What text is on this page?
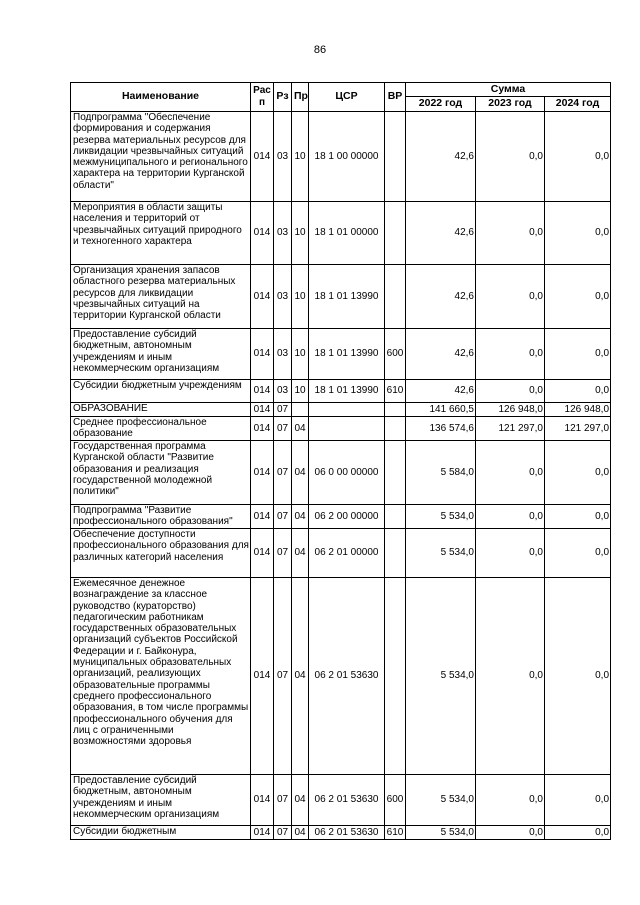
86
Наименование	Рас п	Рз	Пр	ЦСР	ВР	Сумма		
						2022 год	2023 год	2024 год
Подпрограмма "Обеспечение формирования и содержания резерва материальных ресурсов для ликвидации чрезвычайных ситуаций межмуниципального и регионального характера на территории Курганской области"	014	03	10	18 1 00 00000		42,6	0,0	0,0
Мероприятия в области защиты населения и территорий от чрезвычайных ситуаций природного и техногенного характера	014	03	10	18 1 01 00000		42,6	0,0	0,0
Организация хранения запасов областного резерва материальных ресурсов для ликвидации чрезвычайных ситуаций на территории Курганской области	014	03	10	18 1 01 13990		42,6	0,0	0,0
Предоставление субсидий бюджетным, автономным учреждениям и иным некоммерческим организациям	014	03	10	18 1 01 13990	600	42,6	0,0	0,0
Субсидии бюджетным учреждениям	014	03	10	18 1 01 13990	610	42,6	0,0	0,0
ОБРАЗОВАНИЕ	014	07				141 660,5	126 948,0	126 948,0
Среднее профессиональное образование	014	07	04			136 574,6	121 297,0	121 297,0
Государственная программа Курганской области "Развитие образования и реализация государственной молодежной политики"	014	07	04	06 0 00 00000		5 584,0	0,0	0,0
Подпрограмма "Развитие профессионального образования"	014	07	04	06 2 00 00000		5 534,0	0,0	0,0
Обеспечение доступности профессионального образования для различных категорий населения	014	07	04	06 2 01 00000		5 534,0	0,0	0,0
Ежемесячное денежное вознаграждение за классное руководство (кураторство) педагогическим работникам государственных образовательных организаций субъектов Российской Федерации и г. Байконура, муниципальных образовательных организаций, реализующих образовательные программы среднего профессионального образования, в том числе программы профессионального обучения для лиц с ограниченными возможностями здоровья	014	07	04	06 2 01 53630		5 534,0	0,0	0,0
Предоставление субсидий бюджетным, автономным учреждениям и иным некоммерческим организациям	014	07	04	06 2 01 53630	600	5 534,0	0,0	0,0
Субсидии бюджетным	014	07	04	06 2 01 53630	610	5 534,0	0,0	0,0
